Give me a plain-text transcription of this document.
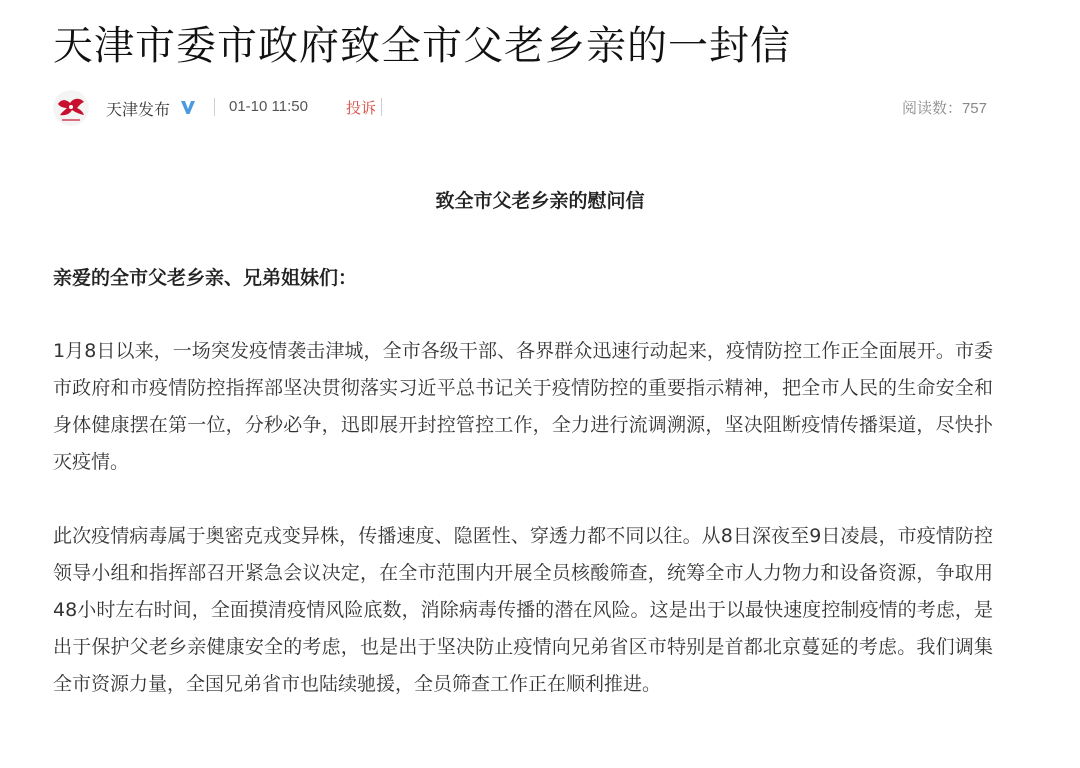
天津市委市政府致全市父老乡亲的一封信
天津发布	01-10 11:50	投诉	阅读数：757
致全市父老乡亲的慰问信

亲爱的全市父老乡亲、兄弟姐妹们：

1月8日以来，一场突发疫情袭击津城，全市各级干部、各界群众迅速行动起来，疫情防控工作正全面展开。市委市政府和市疫情防控指挥部坚决贯彻落实习近平总书记关于疫情防控的重要指示精神，把全市人民的生命安全和身体健康摆在第一位，分秒必争，迅即展开封控管控工作，全力进行流调溯源，坚决阻断疫情传播渠道，尽快扑灭疫情。

此次疫情病毒属于奥密克戎变异株，传播速度、隐匿性、穿透力都不同以往。从8日深夜至9日凌晨，市疫情防控领导小组和指挥部召开紧急会议决定，在全市范围内开展全员核酸筛查，统筹全市人力物力和设备资源，争取用48小时左右时间，全面摸清疫情风险底数，消除病毒传播的潜在风险。这是出于以最快速度控制疫情的考虑，是出于保护父老乡亲健康安全的考虑，也是出于坚决防止疫情向兄弟省区市特别是首都北京蔓延的考虑。我们调集全市资源力量，全国兄弟省市也陆续驰援，全员筛查工作正在顺利推进。
